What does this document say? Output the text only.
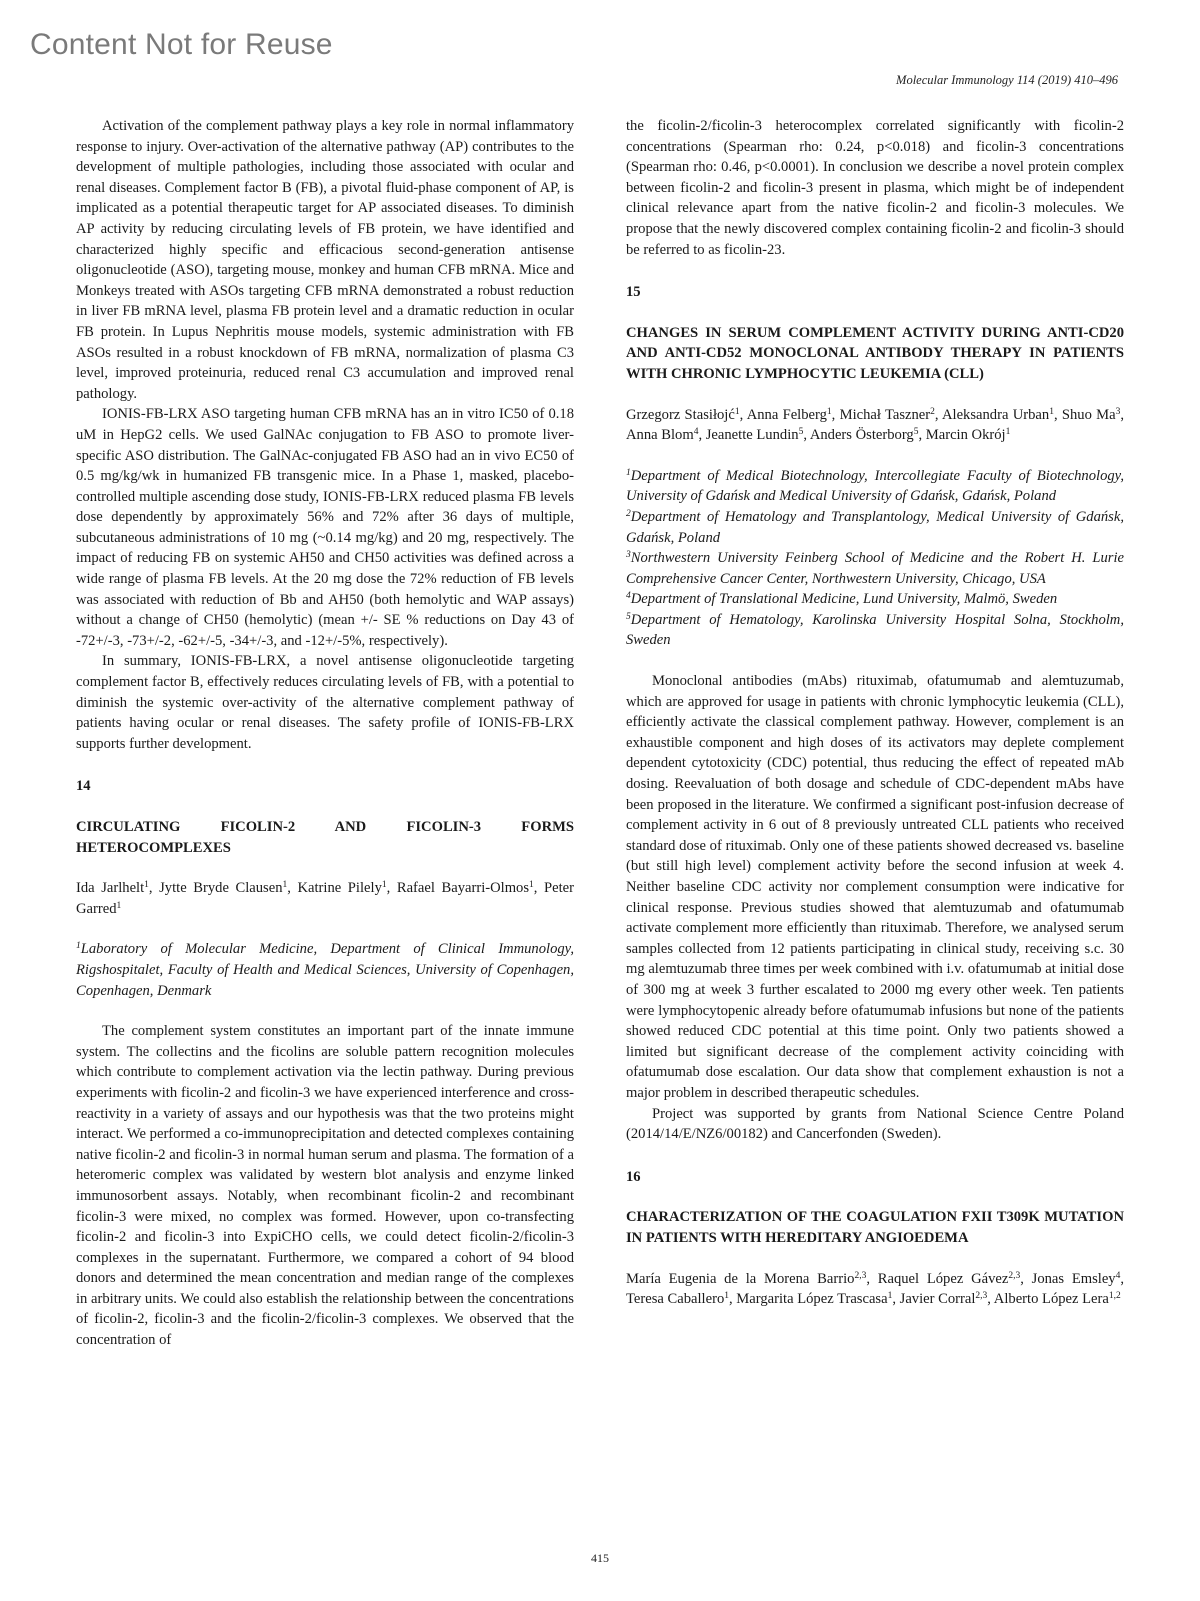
Content Not for Reuse
Molecular Immunology 114 (2019) 410–496

Activation of the complement pathway plays a key role in normal inflammatory response to injury. Over-activation of the alternative pathway (AP) contributes to the development of multiple pathologies, including those associated with ocular and renal diseases. Complement factor B (FB), a pivotal fluid-phase component of AP, is implicated as a potential therapeutic target for AP associated diseases. To diminish AP activity by reducing circulating levels of FB protein, we have identified and characterized highly specific and efficacious second-generation antisense oligonucleotide (ASO), targeting mouse, monkey and human CFB mRNA. Mice and Monkeys treated with ASOs targeting CFB mRNA demonstrated a robust reduction in liver FB mRNA level, plasma FB protein level and a dramatic reduction in ocular FB protein. In Lupus Nephritis mouse models, systemic administration with FB ASOs resulted in a robust knockdown of FB mRNA, normalization of plasma C3 level, improved proteinuria, reduced renal C3 accumulation and improved renal pathology.

IONIS-FB-LRX ASO targeting human CFB mRNA has an in vitro IC50 of 0.18 uM in HepG2 cells. We used GalNAc conjugation to FB ASO to promote liver-specific ASO distribution. The GalNAc-conjugated FB ASO had an in vivo EC50 of 0.5 mg/kg/wk in humanized FB transgenic mice. In a Phase 1, masked, placebo-controlled multiple ascending dose study, IONIS-FB-LRX reduced plasma FB levels dose dependently by approximately 56% and 72% after 36 days of multiple, subcutaneous administrations of 10 mg (~0.14 mg/kg) and 20 mg, respectively. The impact of reducing FB on systemic AH50 and CH50 activities was defined across a wide range of plasma FB levels. At the 20 mg dose the 72% reduction of FB levels was associated with reduction of Bb and AH50 (both hemolytic and WAP assays) without a change of CH50 (hemolytic) (mean +/- SE % reductions on Day 43 of -72+/-3, -73+/-2, -62+/-5, -34+/-3, and -12+/-5%, respectively).

In summary, IONIS-FB-LRX, a novel antisense oligonucleotide targeting complement factor B, effectively reduces circulating levels of FB, with a potential to diminish the systemic over-activity of the alternative complement pathway of patients having ocular or renal diseases. The safety profile of IONIS-FB-LRX supports further development.

14
CIRCULATING FICOLIN-2 AND FICOLIN-3 FORMS HETEROCOMPLEXES
Ida Jarlhelt$^1$, Jytte Bryde Clausen$^1$, Katrine Pilely$^1$, Rafael Bayarri-Olmos$^1$, Peter Garred$^1$
$^1$Laboratory of Molecular Medicine, Department of Clinical Immunology, Rigshospitalet, Faculty of Health and Medical Sciences, University of Copenhagen, Copenhagen, Denmark

The complement system constitutes an important part of the innate immune system. The collectins and the ficolins are soluble pattern recognition molecules which contribute to complement activation via the lectin pathway. During previous experiments with ficolin-2 and ficolin-3 we have experienced interference and cross-reactivity in a variety of assays and our hypothesis was that the two proteins might interact. We performed a co-immunoprecipitation and detected complexes containing native ficolin-2 and ficolin-3 in normal human serum and plasma. The formation of a heteromeric complex was validated by western blot analysis and enzyme linked immunosorbent assays. Notably, when recombinant ficolin-2 and recombinant ficolin-3 were mixed, no complex was formed. However, upon co-transfecting ficolin-2 and ficolin-3 into ExpiCHO cells, we could detect ficolin-2/ficolin-3 complexes in the supernatant. Furthermore, we compared a cohort of 94 blood donors and determined the mean concentration and median range of the complexes in arbitrary units. We could also establish the relationship between the concentrations of ficolin-2, ficolin-3 and the ficolin-2/ficolin-3 complexes. We observed that the concentration of

the ficolin-2/ficolin-3 heterocomplex correlated significantly with ficolin-2 concentrations (Spearman rho: 0.24, p<0.018) and ficolin-3 concentrations (Spearman rho: 0.46, p<0.0001). In conclusion we describe a novel protein complex between ficolin-2 and ficolin-3 present in plasma, which might be of independent clinical relevance apart from the native ficolin-2 and ficolin-3 molecules. We propose that the newly discovered complex containing ficolin-2 and ficolin-3 should be referred to as ficolin-23.

15
CHANGES IN SERUM COMPLEMENT ACTIVITY DURING ANTI-CD20 AND ANTI-CD52 MONOCLONAL ANTIBODY THERAPY IN PATIENTS WITH CHRONIC LYMPHOCYTIC LEUKEMIA (CLL)
Grzegorz Stasiłojć$^1$, Anna Felberg$^1$, Michał Taszner$^2$, Aleksandra Urban$^1$, Shuo Ma$^3$, Anna Blom$^4$, Jeanette Lundin$^5$, Anders Österborg$^5$, Marcin Okrój$^1$
$^1$Department of Medical Biotechnology, Intercollegiate Faculty of Biotechnology, University of Gdańsk and Medical University of Gdańsk, Gdańsk, Poland
$^2$Department of Hematology and Transplantology, Medical University of Gdańsk, Gdańsk, Poland
$^3$Northwestern University Feinberg School of Medicine and the Robert H. Lurie Comprehensive Cancer Center, Northwestern University, Chicago, USA
$^4$Department of Translational Medicine, Lund University, Malmö, Sweden
$^5$Department of Hematology, Karolinska University Hospital Solna, Stockholm, Sweden

Monoclonal antibodies (mAbs) rituximab, ofatumumab and alemtuzumab, which are approved for usage in patients with chronic lymphocytic leukemia (CLL), efficiently activate the classical complement pathway. However, complement is an exhaustible component and high doses of its activators may deplete complement dependent cytotoxicity (CDC) potential, thus reducing the effect of repeated mAb dosing. Reevaluation of both dosage and schedule of CDC-dependent mAbs have been proposed in the literature. We confirmed a significant post-infusion decrease of complement activity in 6 out of 8 previously untreated CLL patients who received standard dose of rituximab. Only one of these patients showed decreased vs. baseline (but still high level) complement activity before the second infusion at week 4. Neither baseline CDC activity nor complement consumption were indicative for clinical response. Previous studies showed that alemtuzumab and ofatumumab activate complement more efficiently than rituximab. Therefore, we analysed serum samples collected from 12 patients participating in clinical study, receiving s.c. 30 mg alemtuzumab three times per week combined with i.v. ofatumumab at initial dose of 300 mg at week 3 further escalated to 2000 mg every other week. Ten patients were lymphocytopenic already before ofatumumab infusions but none of the patients showed reduced CDC potential at this time point. Only two patients showed a limited but significant decrease of the complement activity coinciding with ofatumumab dose escalation. Our data show that complement exhaustion is not a major problem in described therapeutic schedules.

Project was supported by grants from National Science Centre Poland (2014/14/E/NZ6/00182) and Cancerfonden (Sweden).

16
CHARACTERIZATION OF THE COAGULATION FXII T309K MUTATION IN PATIENTS WITH HEREDITARY ANGIOEDEMA
María Eugenia de la Morena Barrio$^{2,3}$, Raquel López Gávez$^{2,3}$, Jonas Emsley$^4$, Teresa Caballero$^1$, Margarita López Trascasa$^1$, Javier Corral$^{2,3}$, Alberto López Lera$^{1,2}$
415
